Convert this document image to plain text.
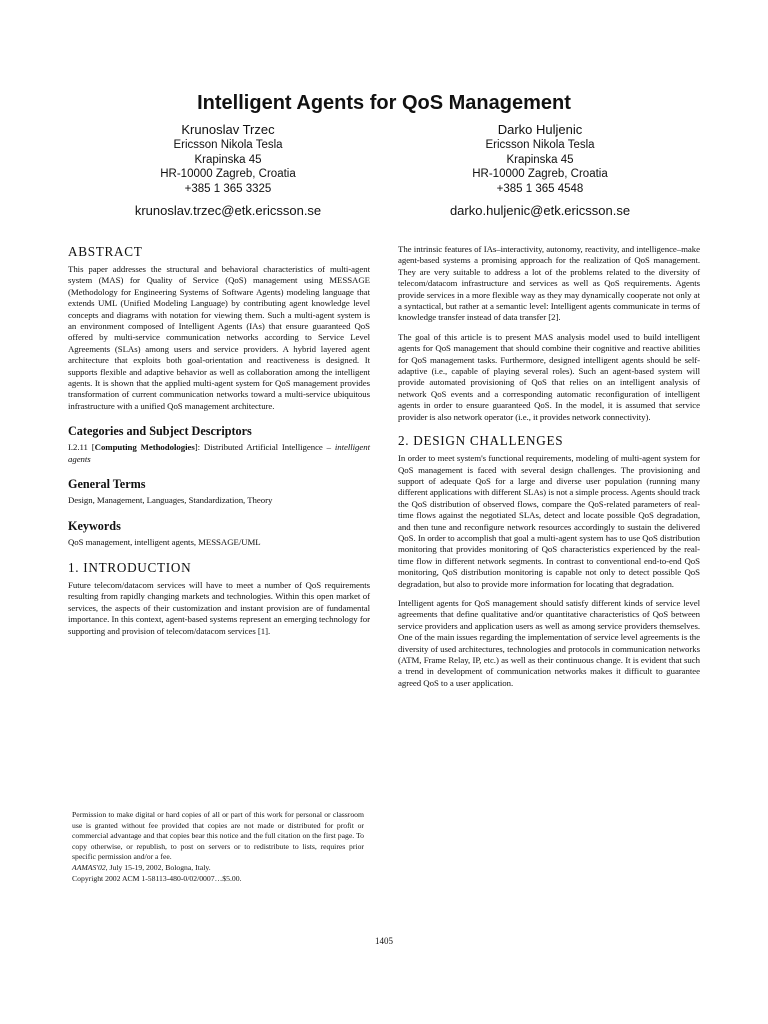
Intelligent Agents for QoS Management
Krunoslav Trzec
Ericsson Nikola Tesla
Krapinska 45
HR-10000 Zagreb, Croatia
+385 1 365 3325
krunoslav.trzec@etk.ericsson.se
Darko Huljenic
Ericsson Nikola Tesla
Krapinska 45
HR-10000 Zagreb, Croatia
+385 1 365 4548
darko.huljenic@etk.ericsson.se
ABSTRACT

This paper addresses the structural and behavioral characteristics of multi-agent system (MAS) for Quality of Service (QoS) management using MESSAGE (Methodology for Engineering Systems of Software Agents) modeling language that extends UML (Unified Modeling Language) by contributing agent knowledge level concepts and diagrams with notation for viewing them. Such a multi-agent system is an environment composed of Intelligent Agents (IAs) that ensure guaranteed QoS offered by multi-service communication networks according to Service Level Agreements (SLAs) among users and service providers. A hybrid layered agent architecture that exploits both goal-orientation and reactiveness is designed. It supports flexible and adaptive behavior as well as collaboration among the intelligent agents. It is shown that the applied multi-agent system for QoS management provides transformation of current communication networks toward a multi-service ubiquitous infrastructure with a unified QoS management architecture.

Categories and Subject Descriptors

I.2.11 [Computing Methodologies]: Distributed Artificial Intelligence – intelligent agents

General Terms

Design, Management, Languages, Standardization, Theory

Keywords

QoS management, intelligent agents, MESSAGE/UML

1. INTRODUCTION

Future telecom/datacom services will have to meet a number of QoS requirements resulting from rapidly changing markets and technologies. Within this open market of services, the aspects of their customization and instant provision are of fundamental importance. In this context, agent-based systems represent an emerging technology for supporting and provision of telecom/datacom services [1].

The intrinsic features of IAs–interactivity, autonomy, reactivity, and intelligence–make agent-based systems a promising approach for the realization of QoS management. They are very suitable to address a lot of the problems related to the diversity of telecom/datacom infrastructure and services as well as QoS requirements. Agents provide services in a more flexible way as they may dynamically cooperate not only at a syntactical, but rather at a semantic level: Intelligent agents communicate in terms of knowledge transfer instead of data transfer [2].

The goal of this article is to present MAS analysis model used to build intelligent agents for QoS management that should combine their cognitive and reactive abilities for QoS management tasks. Furthermore, designed intelligent agents should be self-adaptive (i.e., capable of playing several roles). Such an agent-based system will provide automated provisioning of QoS that relies on an intelligent analysis of network QoS events and a corresponding automatic reconfiguration of intelligent agents in order to ensure guaranteed QoS. In the model, it is assumed that service provider is also network operator (i.e., it provides network connectivity).

2. DESIGN CHALLENGES

In order to meet system's functional requirements, modeling of multi-agent system for QoS management is faced with several design challenges. The provisioning and support of adequate QoS for a large and diverse user population (running many different applications with different SLAs) is not a simple process. Agents should track the QoS distribution of observed flows, compare the QoS-related parameters of real-time flows against the negotiated SLAs, detect and locate possible QoS degradation, and then tune and reconfigure network resources accordingly to sustain the delivered QoS. In order to accomplish that goal a multi-agent system has to use QoS distribution monitoring that provides monitoring of QoS characteristics experienced by the real-time flow in different network segments. In contrast to conventional end-to-end QoS monitoring, QoS distribution monitoring is capable not only to detect possible QoS degradation, but also to provide more information for locating that degradation.

Intelligent agents for QoS management should satisfy different kinds of service level agreements that define qualitative and/or quantitative characteristics of QoS between service providers and application users as well as among service providers themselves. One of the main issues regarding the implementation of service level agreements is the diversity of used architectures, technologies and protocols in communication networks (ATM, Frame Relay, IP, etc.) as well as their continuous change. It is evident that such a trend in development of communication networks makes it difficult to guarantee agreed QoS to a user application.

Permission to make digital or hard copies of all or part of this work for personal or classroom use is granted without fee provided that copies are not made or distributed for profit or commercial advantage and that copies bear this notice and the full citation on the first page. To copy otherwise, or republish, to post on servers or to redistribute to lists, requires prior specific permission and/or a fee.
AAMAS'02, July 15-19, 2002, Bologna, Italy.
Copyright 2002 ACM 1-58113-480-0/02/0007…$5.00.
1405
